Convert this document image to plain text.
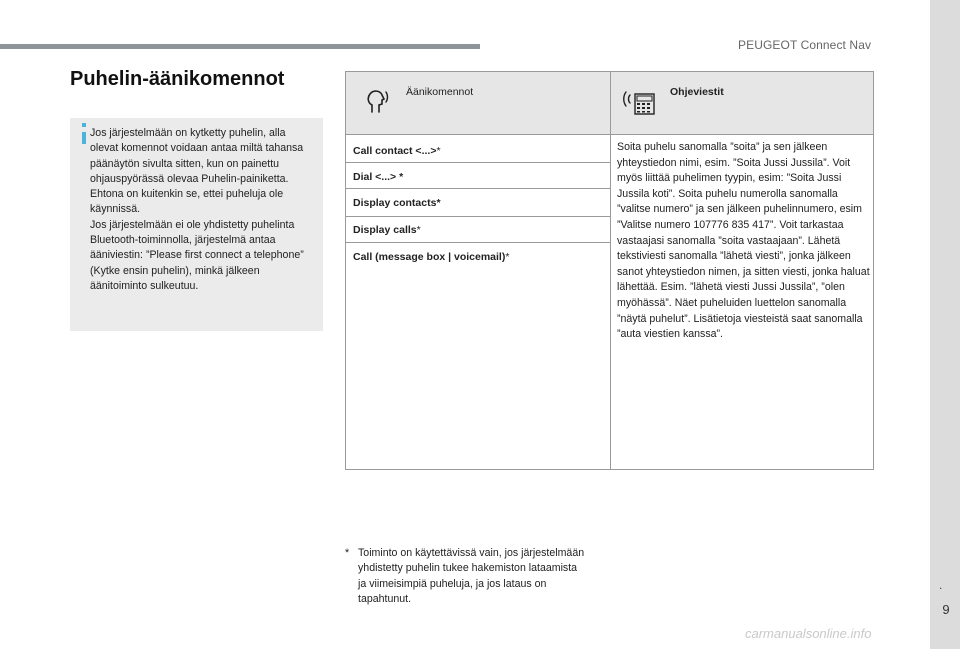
PEUGEOT Connect Nav
.
9
Puhelin-äänikomennot

Jos järjestelmään on kytketty puhelin, alla olevat komennot voidaan antaa miltä tahansa päänäytön sivulta sitten, kun on painettu ohjauspyörässä olevaa Puhelin-painiketta. Ehtona on kuitenkin se, ettei puheluja ole käynnissä.

Jos järjestelmään ei ole yhdistetty puhelinta Bluetooth-toiminnolla, järjestelmä antaa ääniviestin: ”Please first connect a telephone” (Kytke ensin puhelin), minkä jälkeen äänitoiminto sulkeutuu.

Äänikomennot	Ohjeviestit
Call contact <...>*
Dial <...> *
Display contacts*
Display calls*
Call (message box | voicemail)*
Soita puhelu sanomalla ”soita” ja sen jälkeen yhteystiedon nimi, esim. ”Soita Jussi Jussila”. Voit myös liittää puhelimen tyypin, esim: ”Soita Jussi Jussila koti”. Soita puhelu numerolla sanomalla ”valitse numero” ja sen jälkeen puhelinnumero, esim ”Valitse numero 107776 835 417”. Voit tarkastaa vastaajasi sanomalla ”soita vastaajaan”. Lähetä tekstiviesti sanomalla ”lähetä viesti”, jonka jälkeen sanot yhteystiedon nimen, ja sitten viesti, jonka haluat lähettää. Esim. ”lähetä viesti Jussi Jussila”, ”olen myöhässä”. Näet puheluiden luettelon sanomalla ”näytä puhelut”. Lisätietoja viesteistä saat sanomalla ”auta viestien kanssa”.
* Toiminto on käytettävissä vain, jos järjestelmään yhdistetty puhelin tukee hakemiston lataamista ja viimeisimpiä puheluja, ja jos lataus on tapahtunut.
carmanualsonline.info
